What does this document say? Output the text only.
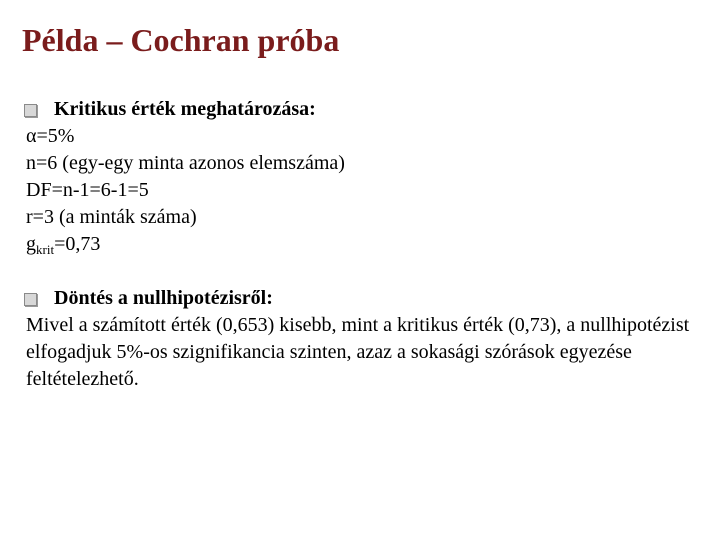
Példa – Cochran próba
Kritikus érték meghatározása:
α=5%
n=6 (egy-egy minta azonos elemszáma)
DF=n-1=6-1=5
r=3 (a minták száma)
$g_{krit}=0,73$
Döntés a nullhipotézisről:
Mivel a számított érték (0,653) kisebb, mint a kritikus érték (0,73), a nullhipotézist elfogadjuk 5%-os szignifikancia szinten, azaz a sokasági szórások egyezése feltételezhető.
